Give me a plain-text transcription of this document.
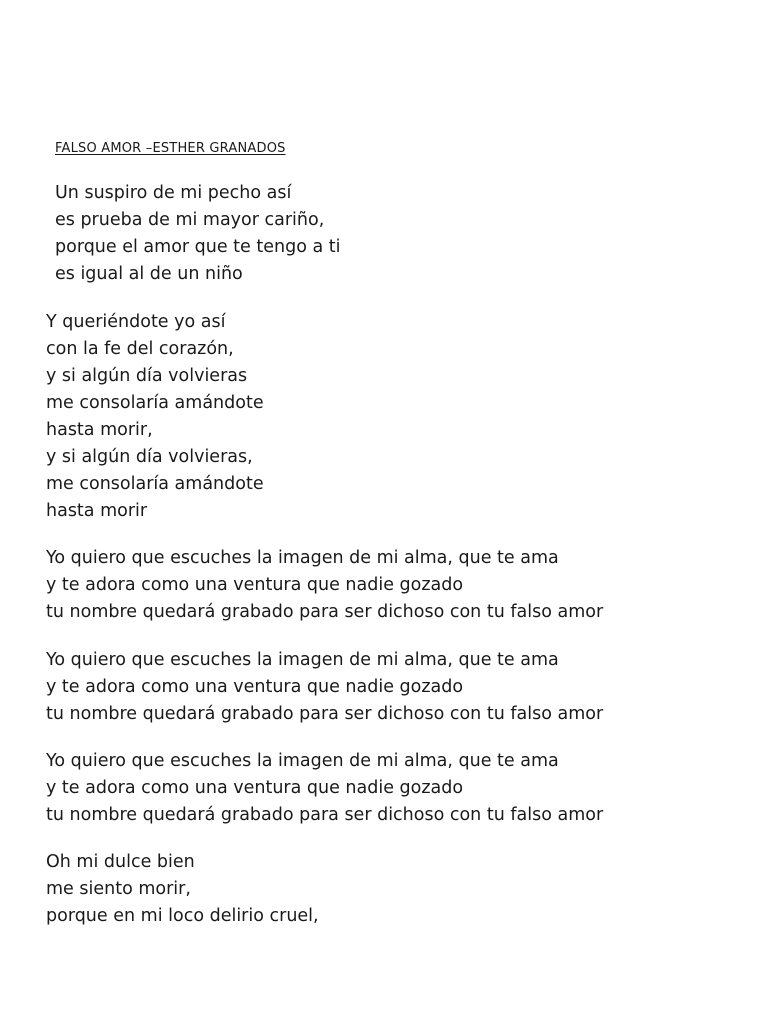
FALSO AMOR –ESTHER GRANADOS
Un suspiro de mi pecho así
es prueba de mi mayor cariño,
porque el amor que te tengo a ti
es igual al de un niño
Y queriéndote yo así
con la fe del corazón,
y si algún día volvieras
me consolaría amándote
hasta morir,
y si algún día volvieras,
me consolaría amándote
hasta morir
Yo quiero que escuches la imagen de mi alma, que te ama
y te adora como una ventura que nadie gozado
tu nombre quedará grabado para ser dichoso con tu falso amor
Yo quiero que escuches la imagen de mi alma, que te ama
y te adora como una ventura que nadie gozado
tu nombre quedará grabado para ser dichoso con tu falso amor
Yo quiero que escuches la imagen de mi alma, que te ama
y te adora como una ventura que nadie gozado
tu nombre quedará grabado para ser dichoso con tu falso amor
Oh mi dulce bien
me siento morir,
porque en mi loco delirio cruel,
